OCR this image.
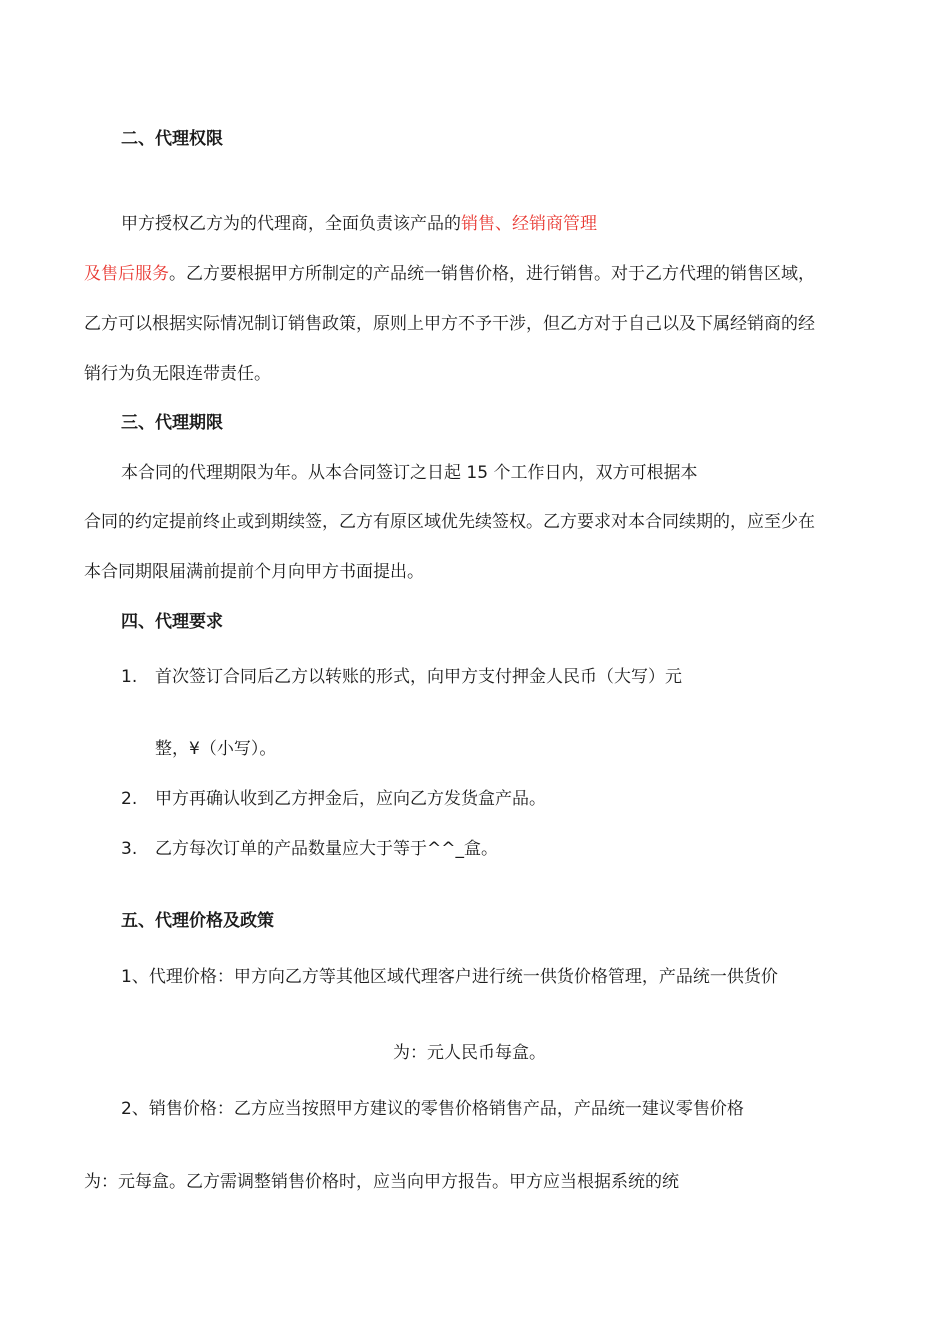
二、代理权限
甲方授权乙方为的代理商，全面负责该产品的销售、经销商管理
及售后服务。乙方要根据甲方所制定的产品统一销售价格，进行销售。对于乙方代理的销售区域，
乙方可以根据实际情况制订销售政策，原则上甲方不予干涉，但乙方对于自己以及下属经销商的经
销行为负无限连带责任。
三、代理期限
本合同的代理期限为年。从本合同签订之日起 15 个工作日内，双方可根据本
合同的约定提前终止或到期续签，乙方有原区域优先续签权。乙方要求对本合同续期的，应至少在
本合同期限届满前提前个月向甲方书面提出。
四、代理要求
1. 首次签订合同后乙方以转账的形式，向甲方支付押金人民币（大写）元
整，¥（小写）。
2. 甲方再确认收到乙方押金后，应向乙方发货盒产品。
3. 乙方每次订单的产品数量应大于等于^^_盒。
五、代理价格及政策
1、代理价格：甲方向乙方等其他区域代理客户进行统一供货价格管理，产品统一供货价
为：元人民币每盒。
2、销售价格：乙方应当按照甲方建议的零售价格销售产品，产品统一建议零售价格
为：元每盒。乙方需调整销售价格时，应当向甲方报告。甲方应当根据系统的统
